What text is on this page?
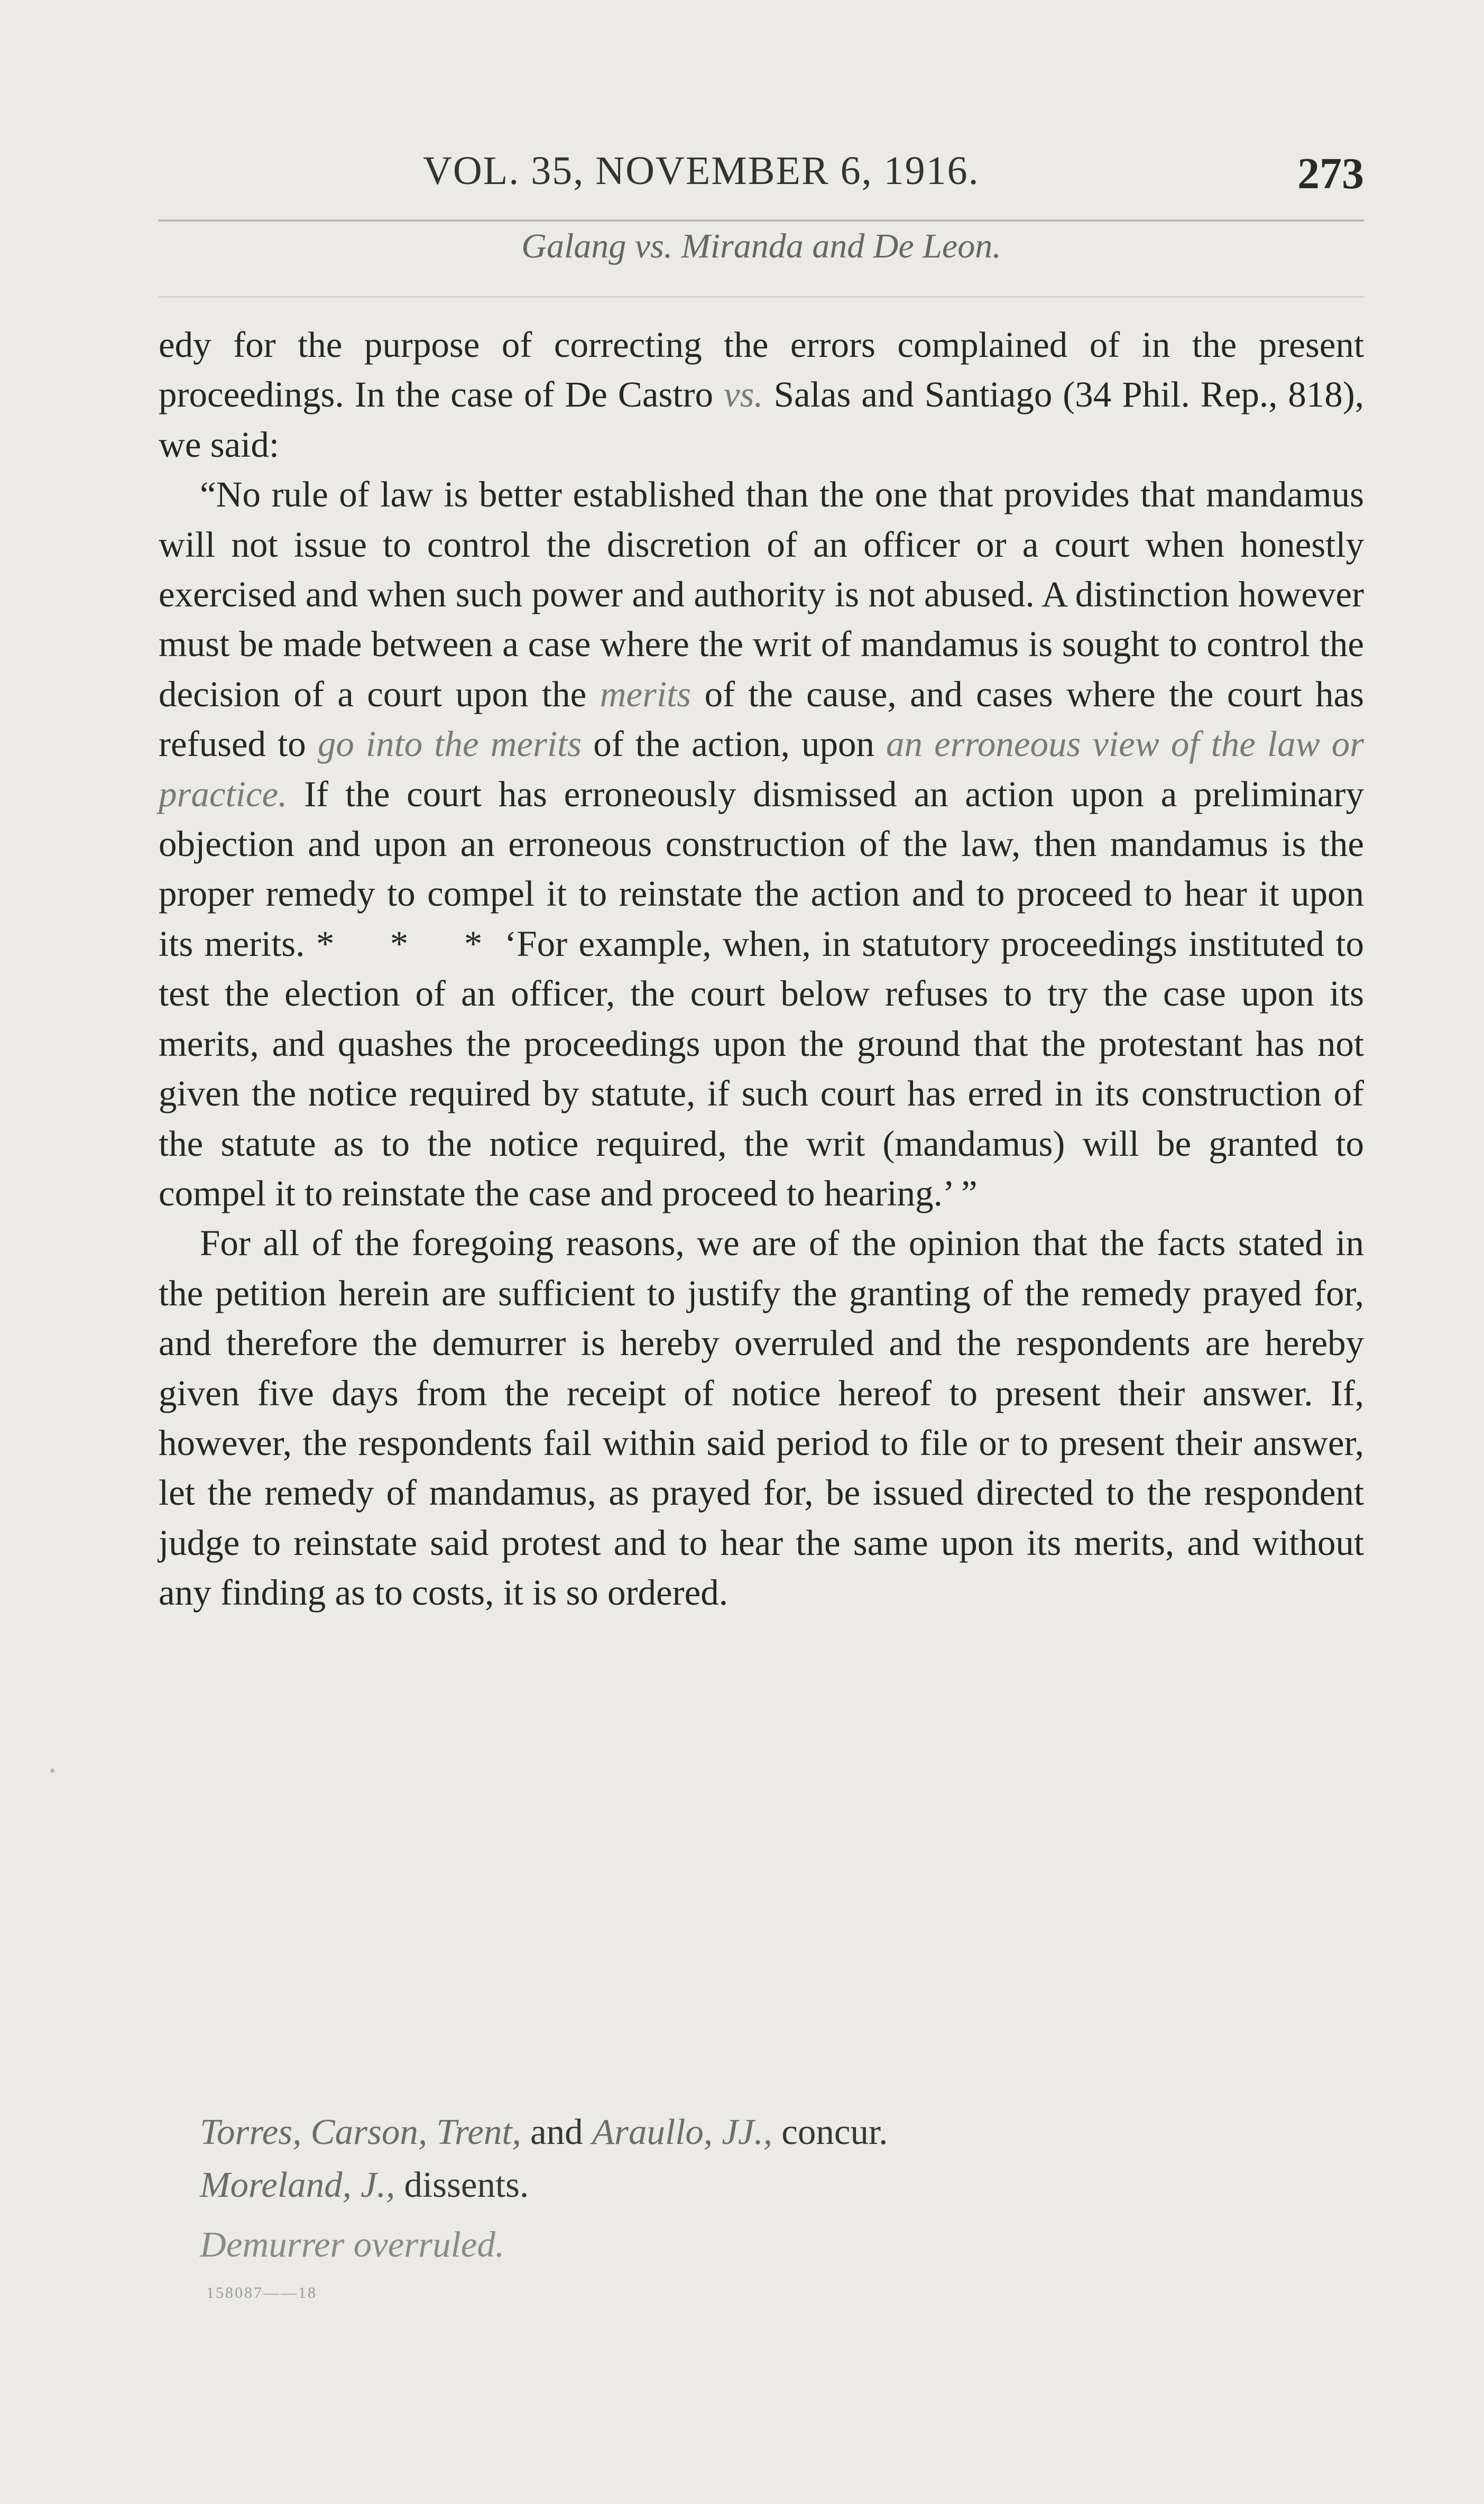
VOL. 35, NOVEMBER 6, 1916.	273
Galang vs. Miranda and De Leon.

edy for the purpose of correcting the errors complained of in the present proceedings. In the case of De Castro vs. Salas and Santiago (34 Phil. Rep., 818), we said:

“No rule of law is better established than the one that provides that mandamus will not issue to control the discretion of an officer or a court when honestly exercised and when such power and authority is not abused. A distinction however must be made between a case where the writ of mandamus is sought to control the decision of a court upon the merits of the cause, and cases where the court has refused to go into the merits of the action, upon an erroneous view of the law or practice. If the court has erroneously dismissed an action upon a preliminary objection and upon an erroneous construction of the law, then mandamus is the proper remedy to compel it to reinstate the action and to proceed to hear it upon its merits. * * *‘For example, when, in statutory proceedings instituted to test the election of an officer, the court below refuses to try the case upon its merits, and quashes the proceedings upon the ground that the protestant has not given the notice required by statute, if such court has erred in its construction of the statute as to the notice required, the writ (mandamus) will be granted to compel it to reinstate the case and proceed to hearing.’ ”

For all of the foregoing reasons, we are of the opinion that the facts stated in the petition herein are sufficient to justify the granting of the remedy prayed for, and therefore the demurrer is hereby overruled and the respondents are hereby given five days from the receipt of notice hereof to present their answer. If, however, the respondents fail within said period to file or to present their answer, let the remedy of mandamus, as prayed for, be issued directed to the respondent judge to reinstate said protest and to hear the same upon its merits, and without any finding as to costs, it is so ordered.

Torres, Carson, Trent, and Araullo, JJ., concur.
Moreland, J., dissents.
Demurrer overruled.
158087——18
